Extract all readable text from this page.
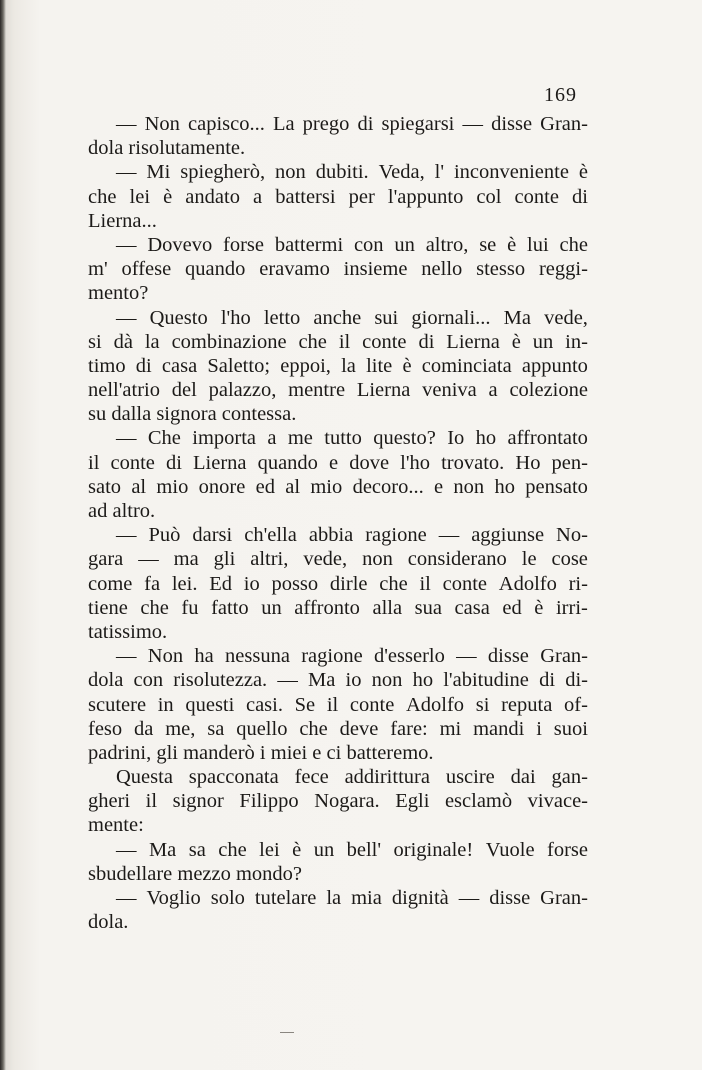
169
— Non capisco... La prego di spiegarsi — disse Gran-
dola risolutamente.
— Mi spiegherò, non dubiti. Veda, l' inconveniente è
che lei è andato a battersi per l'appunto col conte di
Lierna...
— Dovevo forse battermi con un altro, se è lui che
m' offese quando eravamo insieme nello stesso reggi-
mento?
— Questo l'ho letto anche sui giornali... Ma vede,
si dà la combinazione che il conte di Lierna è un in-
timo di casa Saletto; eppoi, la lite è cominciata appunto
nell'atrio del palazzo, mentre Lierna veniva a colezione
su dalla signora contessa.
— Che importa a me tutto questo? Io ho affrontato
il conte di Lierna quando e dove l'ho trovato. Ho pen-
sato al mio onore ed al mio decoro... e non ho pensato
ad altro.
— Può darsi ch'ella abbia ragione — aggiunse No-
gara — ma gli altri, vede, non considerano le cose
come fa lei. Ed io posso dirle che il conte Adolfo ri-
tiene che fu fatto un affronto alla sua casa ed è irri-
tatissimo.
— Non ha nessuna ragione d'esserlo — disse Gran-
dola con risolutezza. — Ma io non ho l'abitudine di di-
scutere in questi casi. Se il conte Adolfo si reputa of-
feso da me, sa quello che deve fare: mi mandi i suoi
padrini, gli manderò i miei e ci batteremo.
Questa spacconata fece addirittura uscire dai gan-
gheri il signor Filippo Nogara. Egli esclamò vivace-
mente:
— Ma sa che lei è un bell' originale! Vuole forse
sbudellare mezzo mondo?
— Voglio solo tutelare la mia dignità — disse Gran-
dola.
